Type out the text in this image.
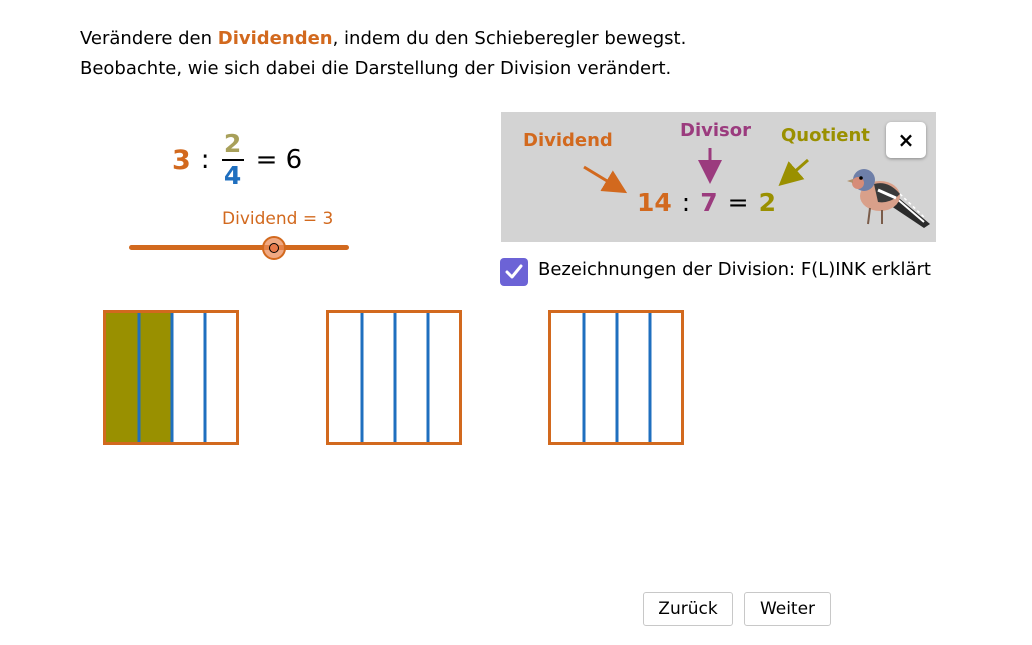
Verändere den Dividenden, indem du den Schieberegler bewegst.
Beobachte, wie sich dabei die Darstellung der Division verändert.
3 : $\frac{2}{4} = 6$
Dividend = 3
Dividend	Divisor Quotient
14 : 7 = 2
×
Bezeichnungen der Division: F(L)INK erklärt
Zurück	Weiter
